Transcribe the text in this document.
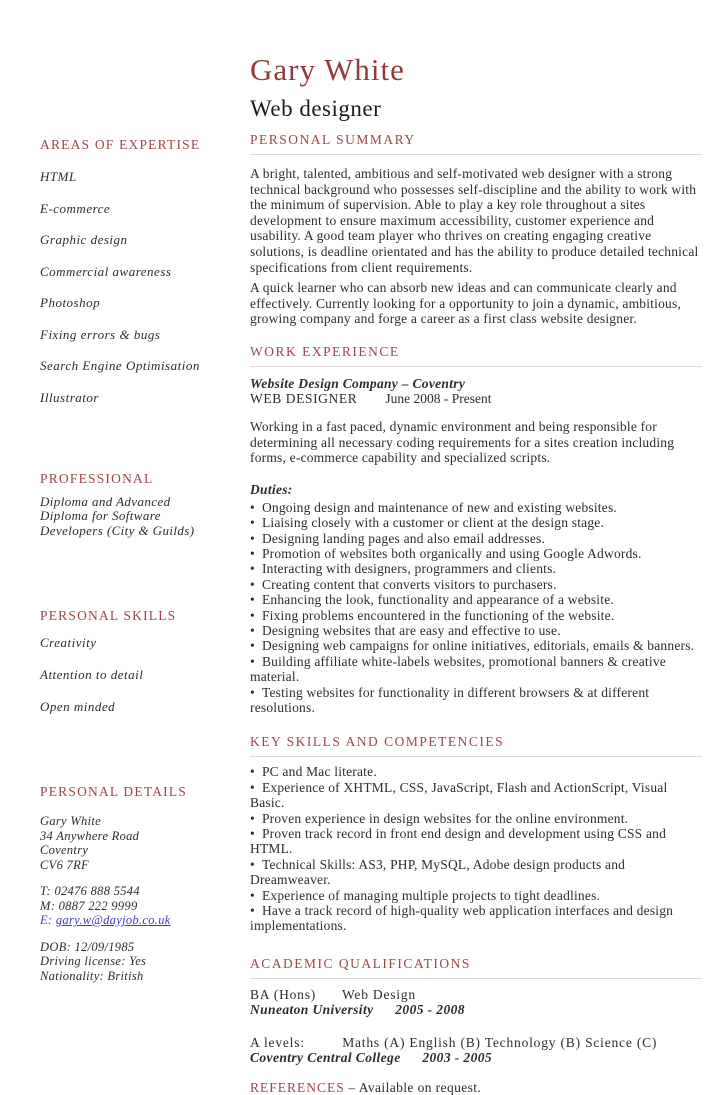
AREAS OF EXPERTISE
HTML
E-commerce
Graphic design
Commercial awareness
Photoshop
Fixing errors & bugs
Search Engine Optimisation
Illustrator
PROFESSIONAL
Diploma and Advanced
Diploma for Software
Developers (City & Guilds)
PERSONAL SKILLS
Creativity
Attention to detail
Open minded
PERSONAL DETAILS
Gary White
34 Anywhere Road
Coventry
CV6 7RF
T: 02476 888 5544
M: 0887 222 9999
E: gary.w@dayjob.co.uk
DOB: 12/09/1985
Driving license: Yes
Nationality: British
Gary White
Web designer
PERSONAL SUMMARY
A bright, talented, ambitious and self-motivated web designer with a strong technical background who possesses self-discipline and the ability to work with the minimum of supervision. Able to play a key role throughout a sites development to ensure maximum accessibility, customer experience and usability. A good team player who thrives on creating engaging creative solutions, is deadline orientated and has the ability to produce detailed technical specifications from client requirements.
A quick learner who can absorb new ideas and can communicate clearly and effectively. Currently looking for a opportunity to join a dynamic, ambitious, growing company and forge a career as a first class website designer.
WORK EXPERIENCE
Website Design Company – Coventry
WEB DESIGNER June 2008 - Present
Working in a fast paced, dynamic environment and being responsible for determining all necessary coding requirements for a sites creation including forms, e-commerce capability and specialized scripts.
Duties:
• Ongoing design and maintenance of new and existing websites.
• Liaising closely with a customer or client at the design stage.
• Designing landing pages and also email addresses.
• Promotion of websites both organically and using Google Adwords.
• Interacting with designers, programmers and clients.
• Creating content that converts visitors to purchasers.
• Enhancing the look, functionality and appearance of a website.
• Fixing problems encountered in the functioning of the website.
• Designing websites that are easy and effective to use.
• Designing web campaigns for online initiatives, editorials, emails & banners.
• Building affiliate white-labels websites, promotional banners & creative material.
• Testing websites for functionality in different browsers & at different resolutions.
KEY SKILLS AND COMPETENCIES
• PC and Mac literate.
• Experience of XHTML, CSS, JavaScript, Flash and ActionScript, Visual Basic.
• Proven experience in design websites for the online environment.
• Proven track record in front end design and development using CSS and HTML.
• Technical Skills: AS3, PHP, MySQL, Adobe design products and Dreamweaver.
• Experience of managing multiple projects to tight deadlines.
• Have a track record of high-quality web application interfaces and design implementations.
ACADEMIC QUALIFICATIONS
BA (Hons) Web Design
Nuneaton University 2005 - 2008
A levels:	Maths (A) English (B) Technology (B) Science (C)
Coventry Central College 2003 - 2005
REFERENCES – Available on request.
